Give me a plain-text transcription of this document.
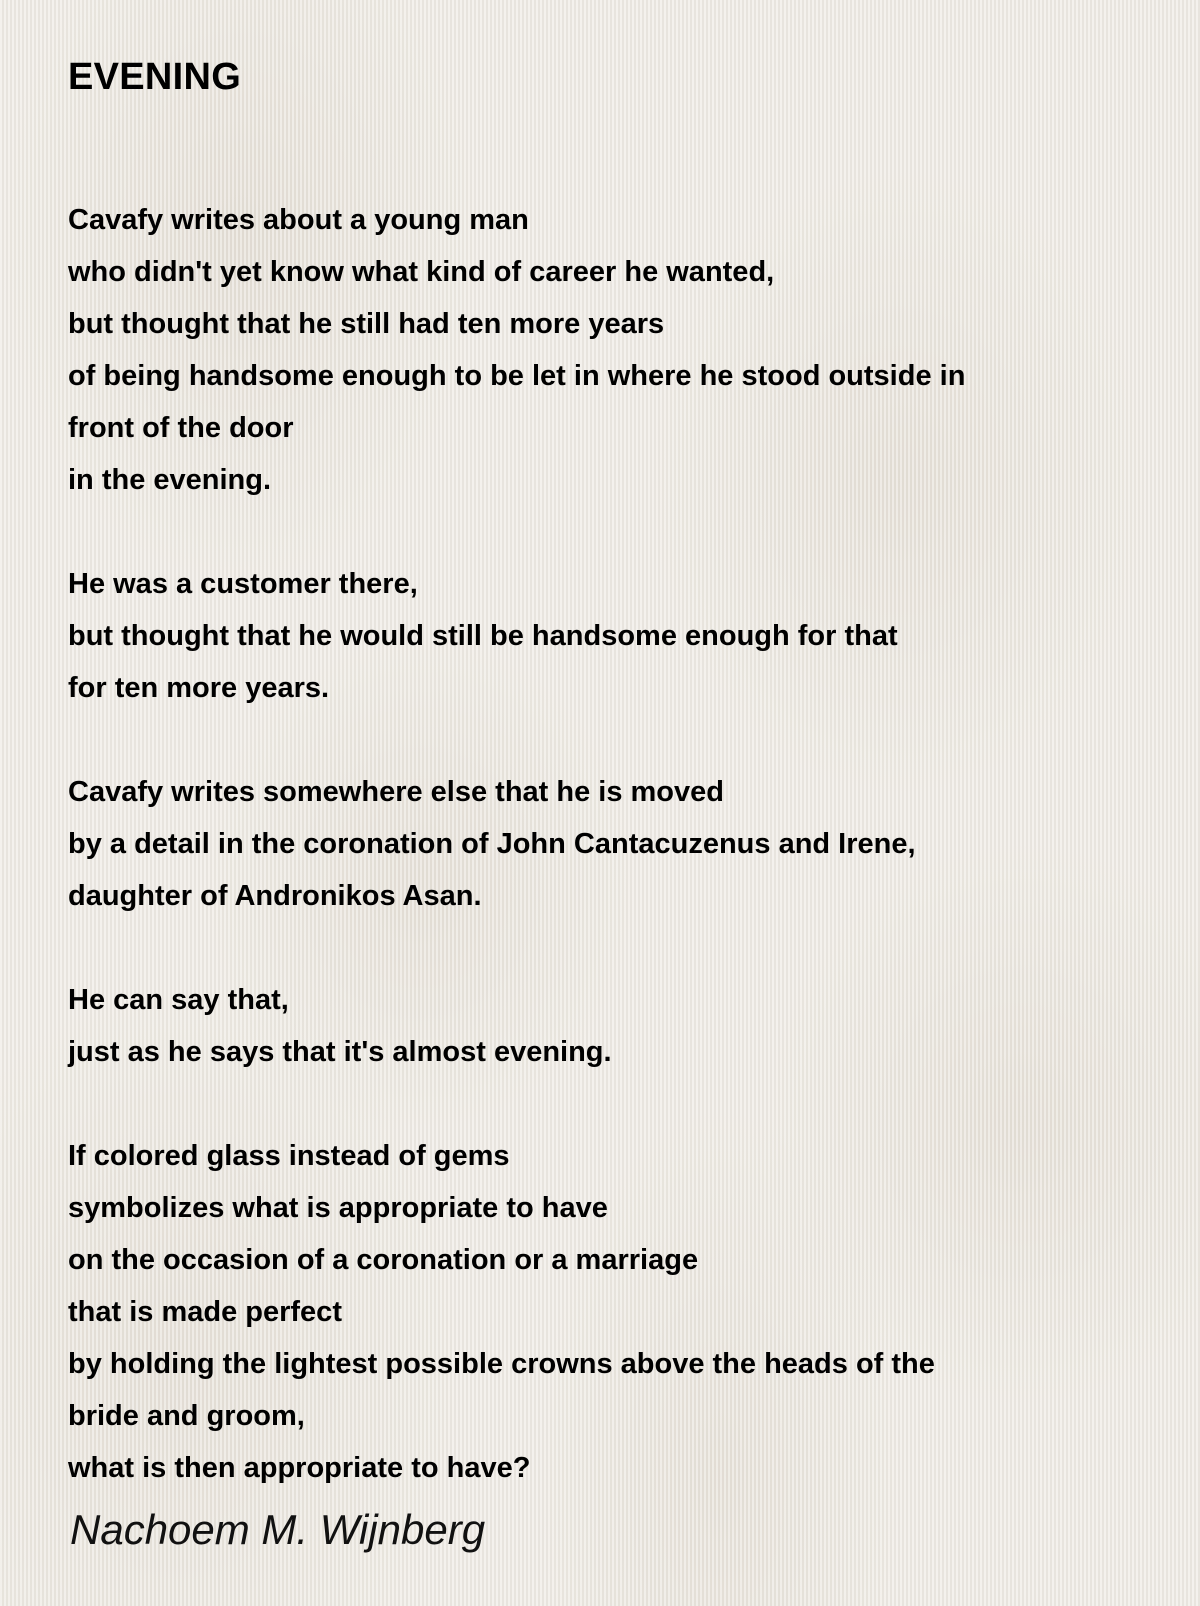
EVENING
Cavafy writes about a young man
who didn't yet know what kind of career he wanted,
but thought that he still had ten more years
of being handsome enough to be let in where he stood outside in
front of the door
in the evening.
He was a customer there,
but thought that he would still be handsome enough for that
for ten more years.
Cavafy writes somewhere else that he is moved
by a detail in the coronation of John Cantacuzenus and Irene,
daughter of Andronikos Asan.
He can say that,
just as he says that it's almost evening.
If colored glass instead of gems
symbolizes what is appropriate to have
on the occasion of a coronation or a marriage
that is made perfect
by holding the lightest possible crowns above the heads of the
bride and groom,
what is then appropriate to have?
Nachoem M. Wijnberg
